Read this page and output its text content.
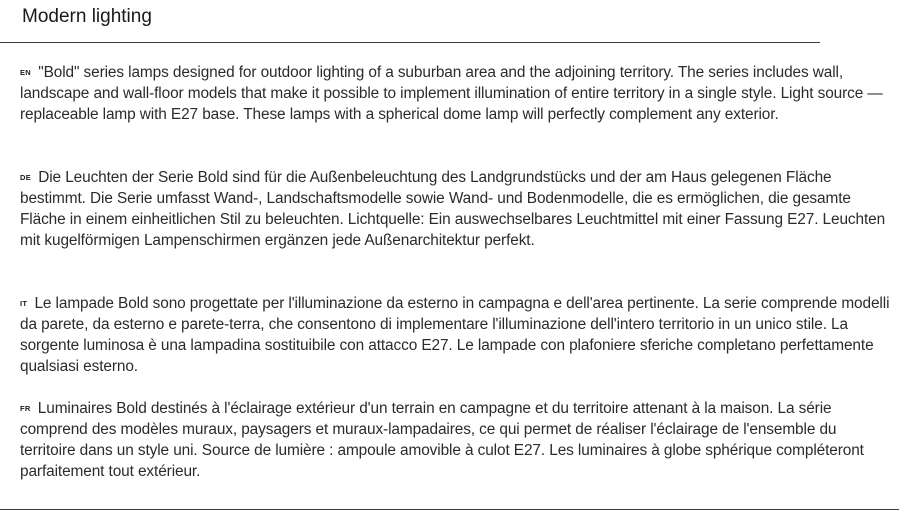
Modern lighting
EN "Bold" series lamps designed for outdoor lighting of a suburban area and the adjoining territory. The series includes wall, landscape and wall-floor models that make it possible to implement illumination of entire territory in a single style. Light source — replaceable lamp with E27 base. These lamps with a spherical dome lamp will perfectly complement any exterior.
DE Die Leuchten der Serie Bold sind für die Außenbeleuchtung des Landgrundstücks und der am Haus gelegenen Fläche bestimmt. Die Serie umfasst Wand-, Landschaftsmodelle sowie Wand- und Bodenmodelle, die es ermöglichen, die gesamte Fläche in einem einheitlichen Stil zu beleuchten. Lichtquelle: Ein auswechselbares Leuchtmittel mit einer Fassung E27. Leuchten mit kugelförmigen Lampenschirmen ergänzen jede Außenarchitektur perfekt.
IT Le lampade Bold sono progettate per l'illuminazione da esterno in campagna e dell'area pertinente. La serie comprende modelli da parete, da esterno e parete-terra, che consentono di implementare l'illuminazione dell'intero territorio in un unico stile. La sorgente luminosa è una lampadina sostituibile con attacco E27. Le lampade con plafoniere sferiche completano perfettamente qualsiasi esterno.
FR Luminaires Bold destinés à l'éclairage extérieur d'un terrain en campagne et du territoire attenant à la maison. La série comprend des modèles muraux, paysagers et muraux-lampadaires, ce qui permet de réaliser l'éclairage de l'ensemble du territoire dans un style uni. Source de lumière : ampoule amovible à culot E27. Les luminaires à globe sphérique compléteront parfaitement tout extérieur.
